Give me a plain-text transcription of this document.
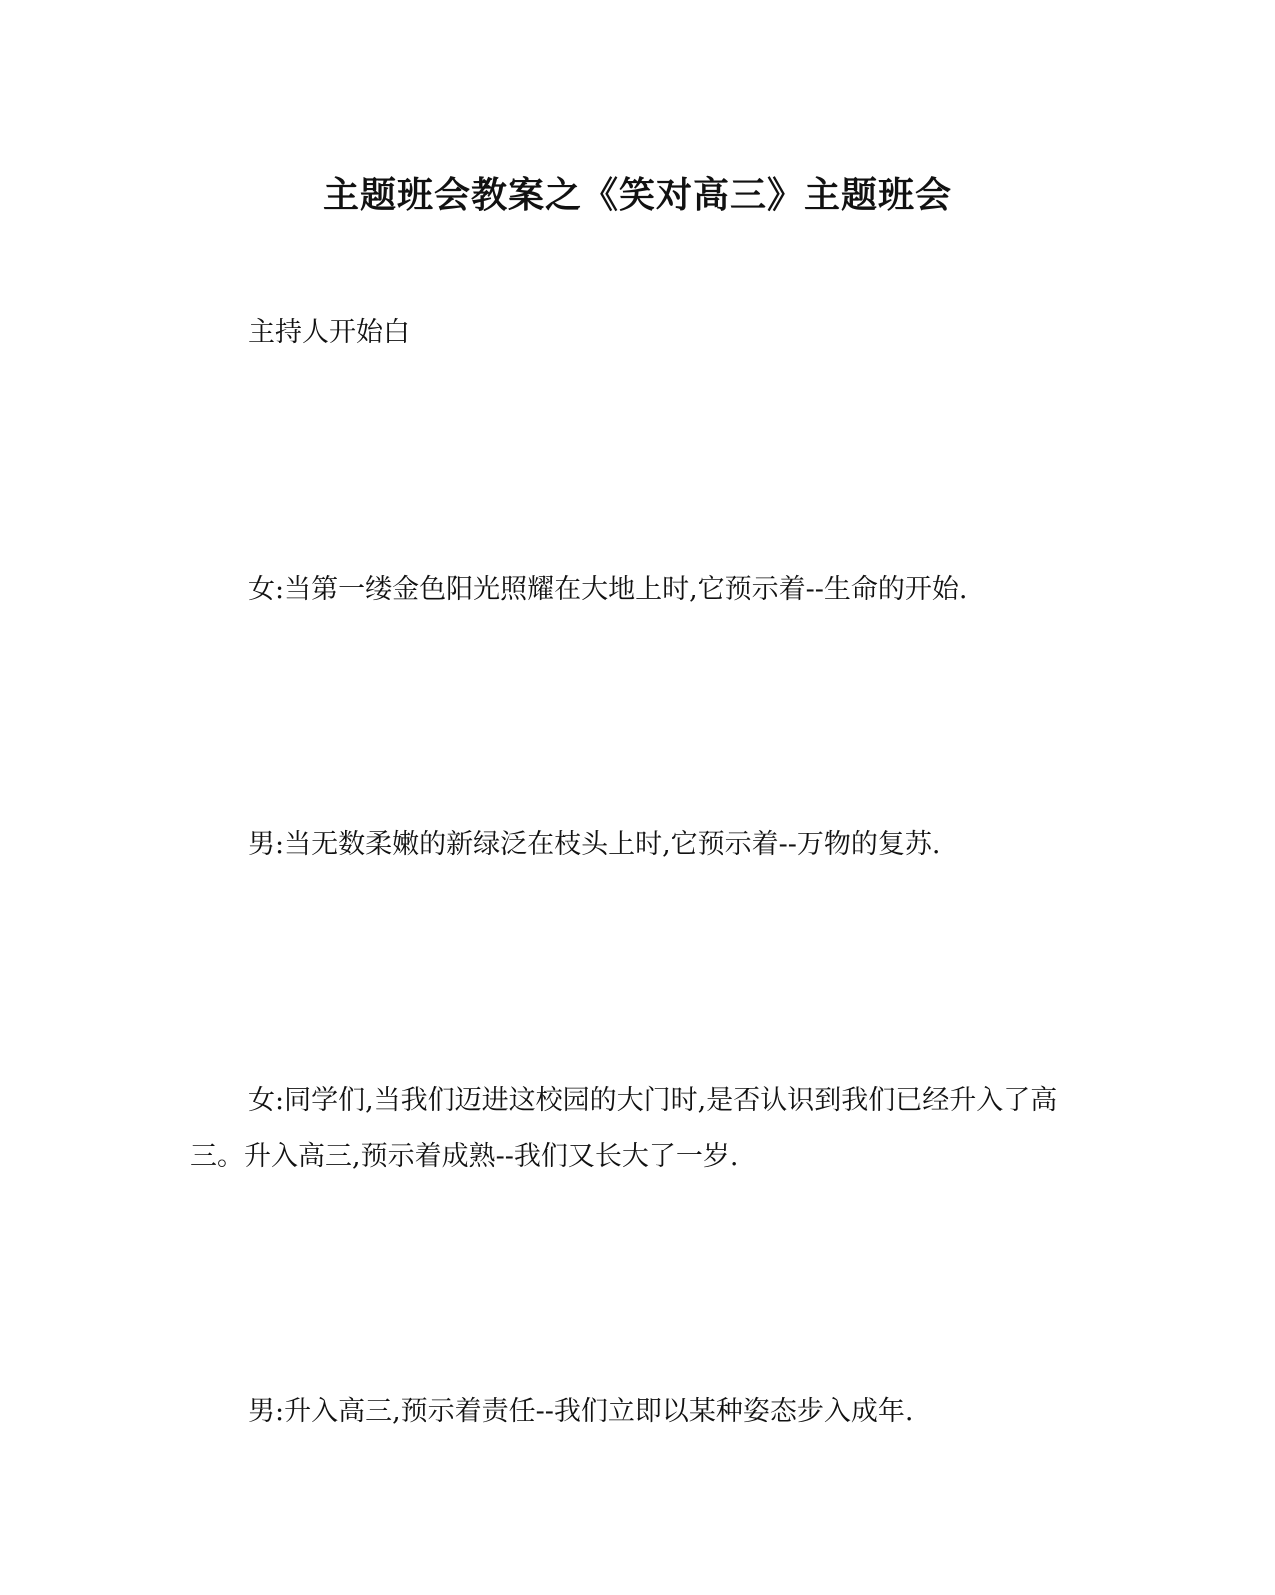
主题班会教案之《笑对高三》主题班会

主持人开始白

女:当第一缕金色阳光照耀在大地上时,它预示着--生命的开始.

男:当无数柔嫩的新绿泛在枝头上时,它预示着--万物的复苏.

女:同学们,当我们迈进这校园的大门时,是否认识到我们已经升入了高三。升入高三,预示着成熟--我们又长大了一岁.

男:升入高三,预示着责任--我们立即以某种姿态步入成年.
